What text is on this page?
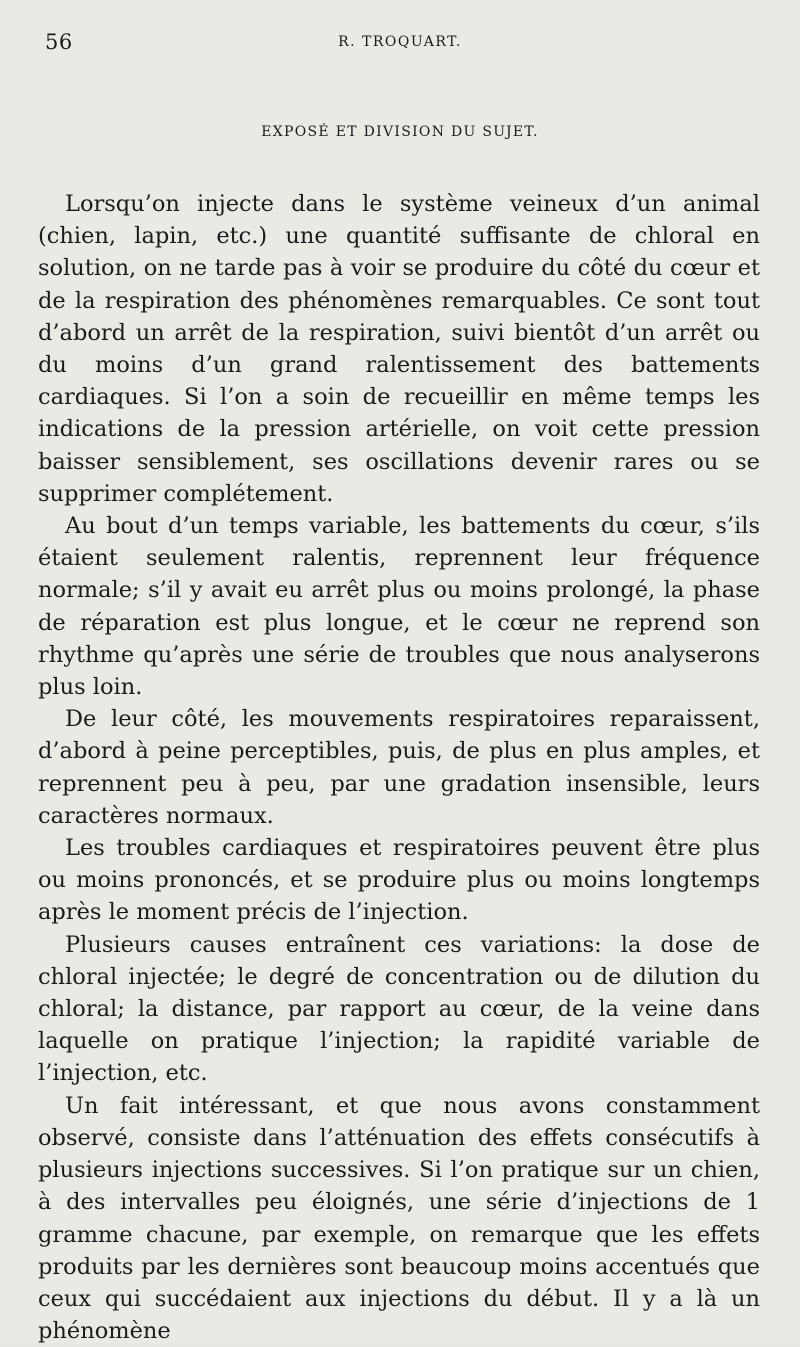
56	R. TROQUART.
EXPOSÉ ET DIVISION DU SUJET.

Lorsqu’on injecte dans le système veineux d’un animal (chien, lapin, etc.) une quantité suffisante de chloral en solution, on ne tarde pas à voir se produire du côté du cœur et de la respiration des phénomènes remarquables. Ce sont tout d’abord un arrêt de la respiration, suivi bientôt d’un arrêt ou du moins d’un grand ralentissement des battements cardiaques. Si l’on a soin de recueillir en même temps les indications de la pression artérielle, on voit cette pression baisser sensiblement, ses oscillations devenir rares ou se supprimer complétement.

Au bout d’un temps variable, les battements du cœur, s’ils étaient seulement ralentis, reprennent leur fréquence normale; s’il y avait eu arrêt plus ou moins prolongé, la phase de réparation est plus longue, et le cœur ne reprend son rhythme qu’après une série de troubles que nous analyserons plus loin.

De leur côté, les mouvements respiratoires reparaissent, d’abord à peine perceptibles, puis, de plus en plus amples, et reprennent peu à peu, par une gradation insensible, leurs caractères normaux.

Les troubles cardiaques et respiratoires peuvent être plus ou moins prononcés, et se produire plus ou moins longtemps après le moment précis de l’injection.

Plusieurs causes entraînent ces variations: la dose de chloral injectée; le degré de concentration ou de dilution du chloral; la distance, par rapport au cœur, de la veine dans laquelle on pratique l’injection; la rapidité variable de l’injection, etc.

Un fait intéressant, et que nous avons constamment observé, consiste dans l’atténuation des effets consécutifs à plusieurs injections successives. Si l’on pratique sur un chien, à des intervalles peu éloignés, une série d’injections de 1 gramme chacune, par exemple, on remarque que les effets produits par les dernières sont beaucoup moins accentués que ceux qui succédaient aux injections du début. Il y a là un phénomène
